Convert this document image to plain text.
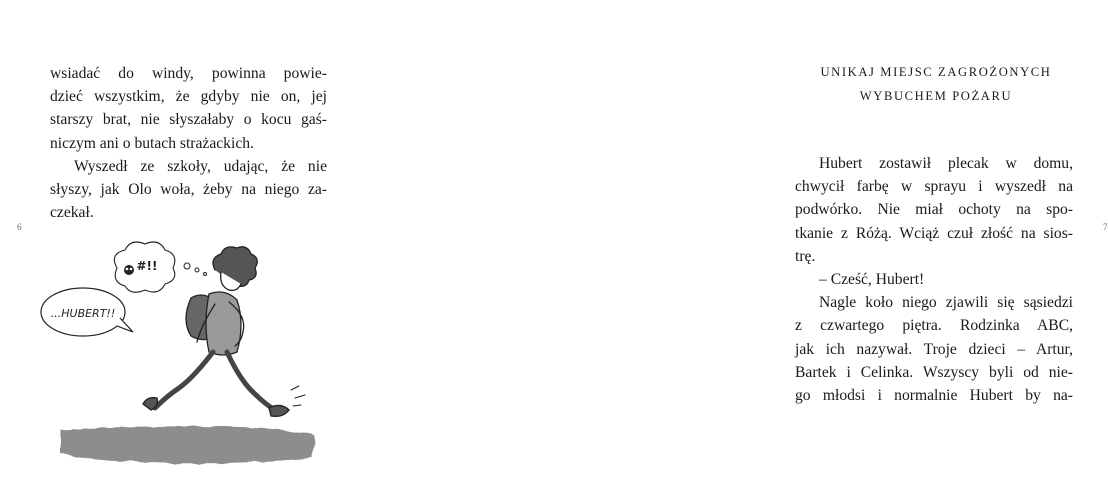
wsiadać do windy, powinna powie-
dzieć wszystkim, że gdyby nie on, jej
starszy brat, nie słyszałaby o kocu gaś-
niczym ani o butach strażackich.

Wyszedł ze szkoły, udając, że nie
słyszy, jak Olo woła, żeby na niego za-
czekał.

6
...HUBERT!!
#!!
UNIKAJ MIEJSC ZAGROŻONYCH
WYBUCHEM POŻARU

Hubert zostawił plecak w domu,
chwycił farbę w sprayu i wyszedł na
podwórko. Nie miał ochoty na spo-
tkanie z Różą. Wciąż czuł złość na sios-
trę.

– Cześć, Hubert!

Nagle koło niego zjawili się sąsiedzi
z czwartego piętra. Rodzinka ABC,
jak ich nazywał. Troje dzieci – Artur,
Bartek i Celinka. Wszyscy byli od nie-
go młodsi i normalnie Hubert by na-

7
